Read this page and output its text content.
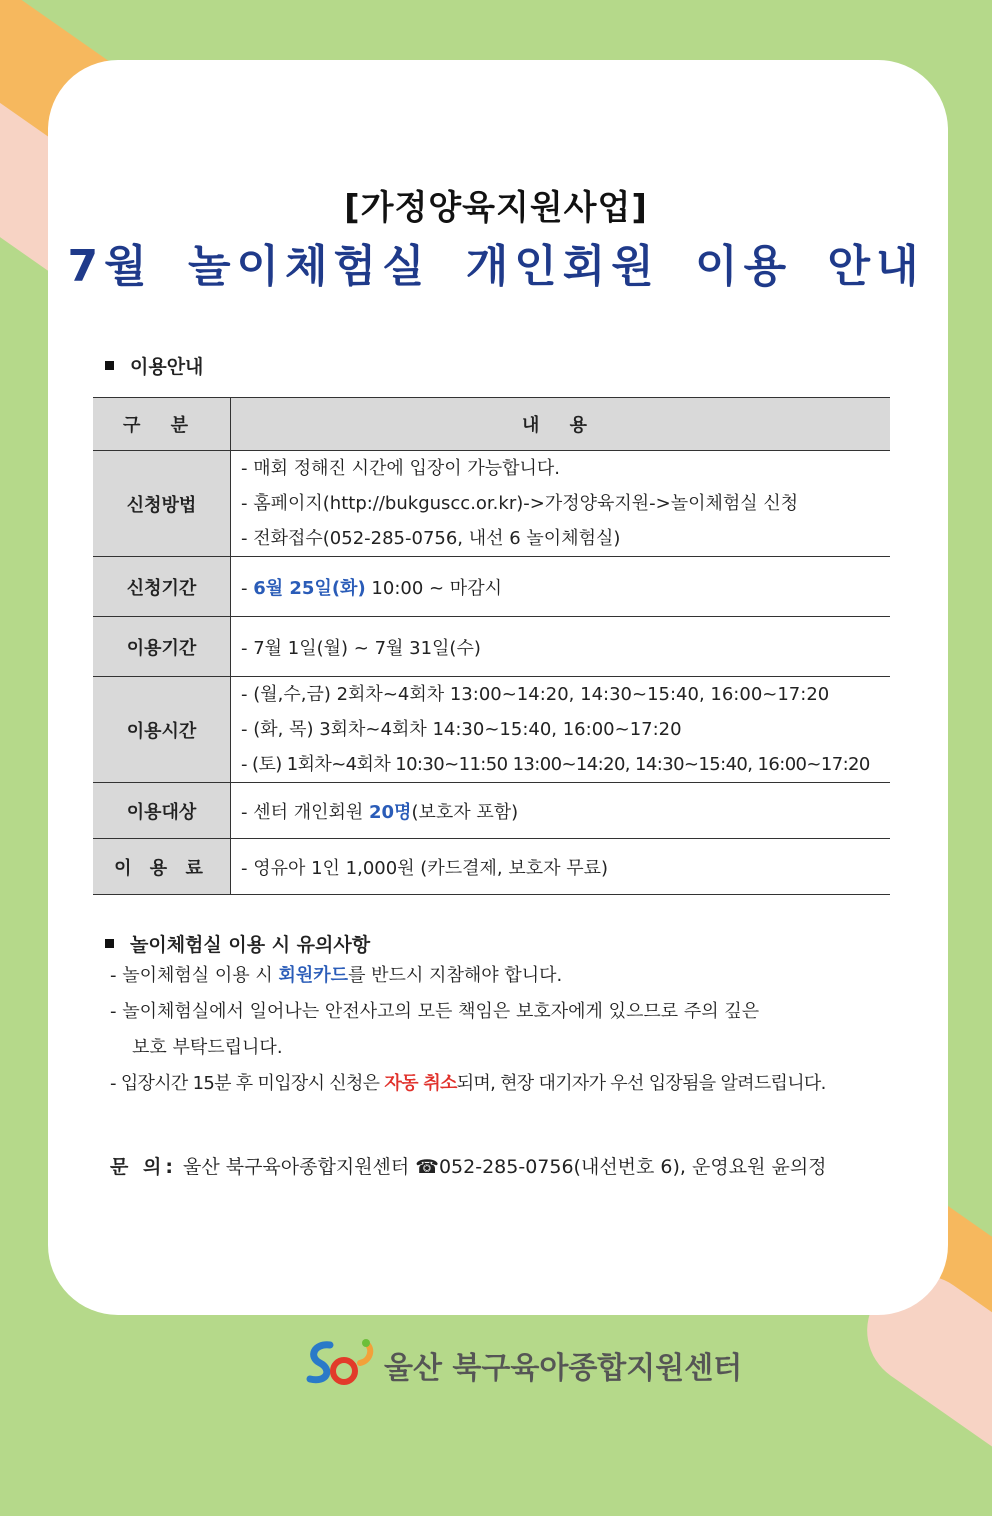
[가정양육지원사업]
7월 놀이체험실 개인회원 이용 안내
이용안내
구 분	내 용
신청방법	- 매회 정해진 시간에 입장이 가능합니다.
- 홈페이지(http://bukguscc.or.kr)->가정양육지원->놀이체험실 신청
- 전화접수(052-285-0756, 내선 6 놀이체험실)

신청기간	- 6월 25일(화) 10:00 ~ 마감시
이용기간	- 7월 1일(월) ~ 7월 31일(수)
이용시간	- (월,수,금) 2회차~4회차 13:00~14:20, 14:30~15:40, 16:00~17:20
- (화, 목) 3회차~4회차 14:30~15:40, 16:00~17:20
- (토) 1회차~4회차 10:30~11:50 13:00~14:20, 14:30~15:40, 16:00~17:20

이용대상	- 센터 개인회원 20명(보호자 포함)
이 용 료	- 영유아 1인 1,000원 (카드결제, 보호자 무료)
놀이체험실 이용 시 유의사항
- 놀이체험실 이용 시 회원카드를 반드시 지참해야 합니다.
- 놀이체험실에서 일어나는 안전사고의 모든 책임은 보호자에게 있으므로 주의 깊은
보호 부탁드립니다.
- 입장시간 15분 후 미입장시 신청은 자동 취소되며, 현장 대기자가 우선 입장됨을 알려드립니다.
문 의: 울산 북구육아종합지원센터 ☎052-285-0756(내선번호 6), 운영요원 윤의정
울산 북구육아종합지원센터
